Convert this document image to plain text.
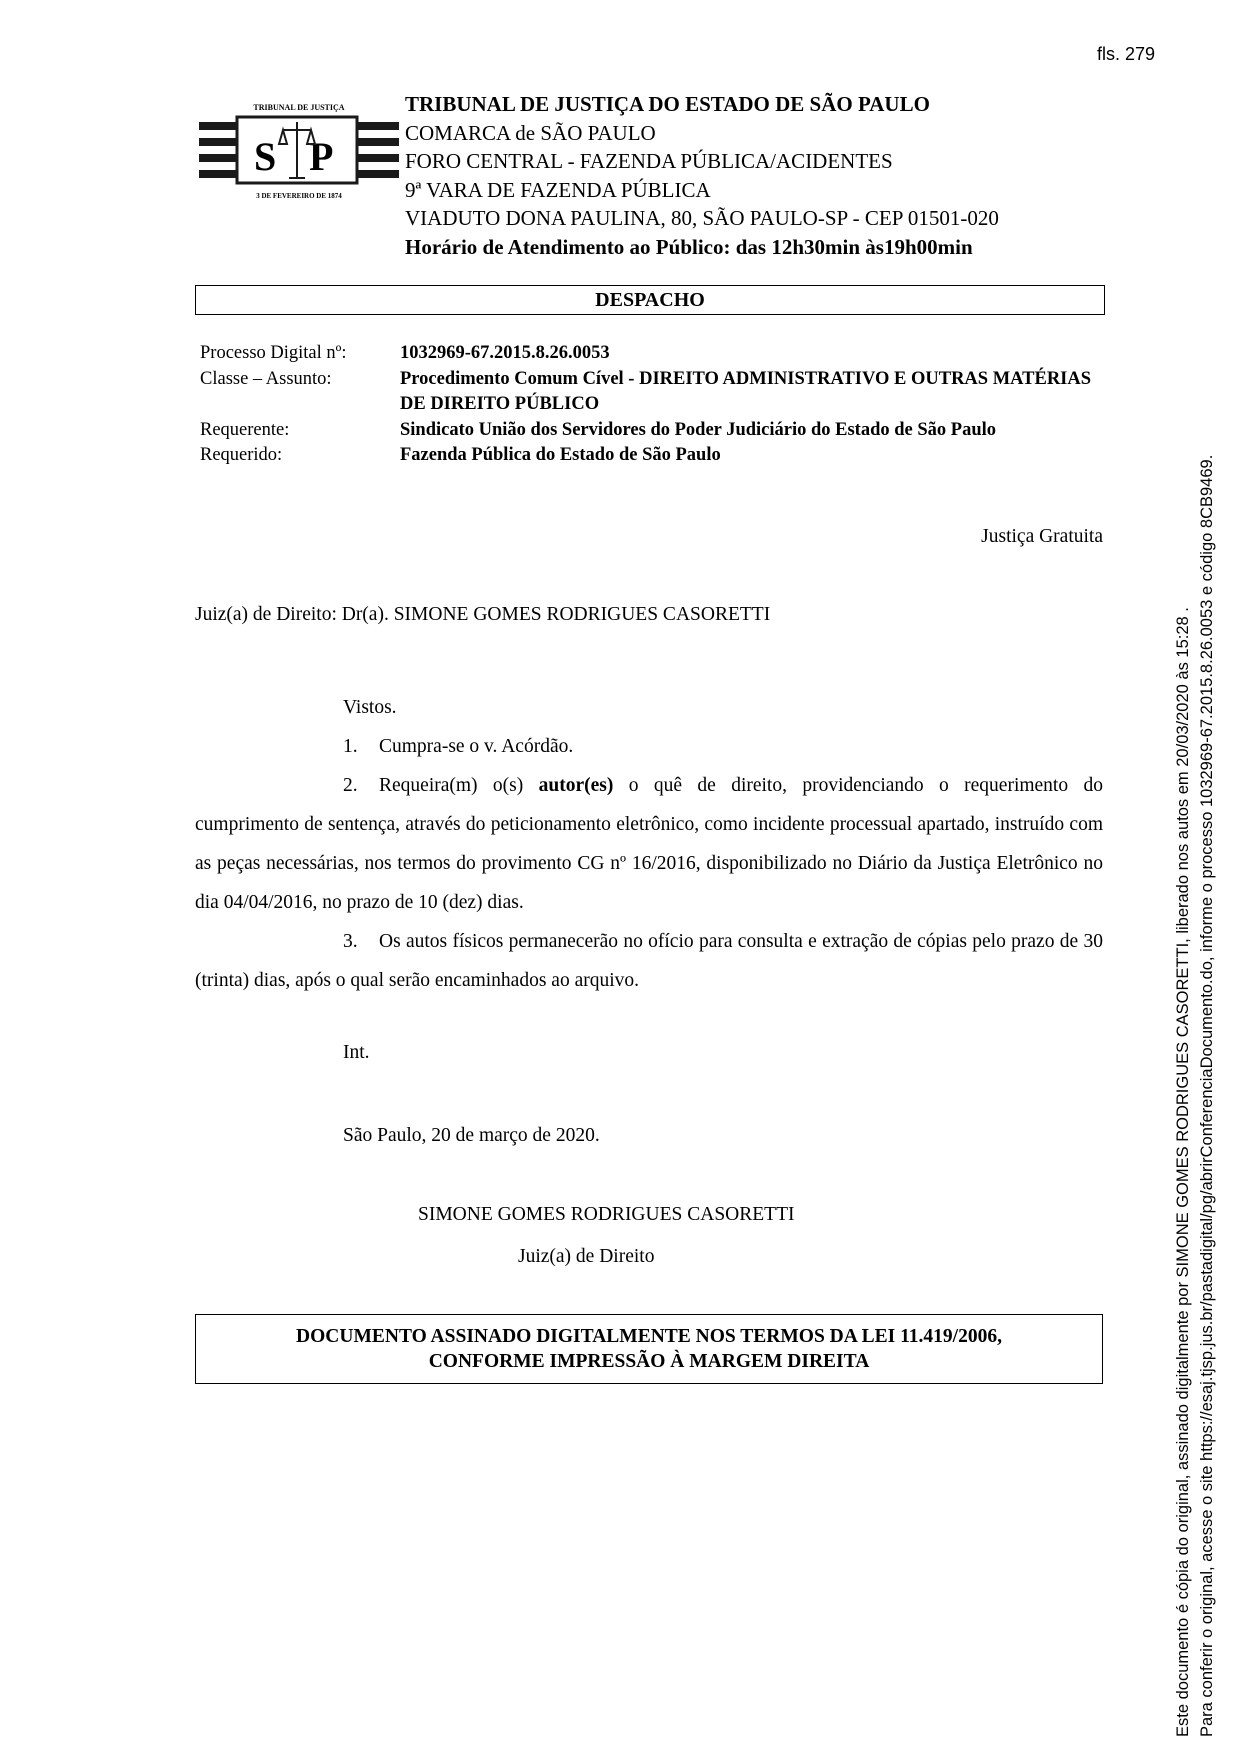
fls. 279
TRIBUNAL DE JUSTIÇA
S P
3 DE FEVEREIRO DE 1874
TRIBUNAL DE JUSTIÇA DO ESTADO DE SÃO PAULO
COMARCA de SÃO PAULO
FORO CENTRAL - FAZENDA PÚBLICA/ACIDENTES
9ª VARA DE FAZENDA PÚBLICA
VIADUTO DONA PAULINA, 80, SÃO PAULO-SP - CEP 01501-020
Horário de Atendimento ao Público: das 12h30min às19h00min
DESPACHO
Processo Digital nº:	1032969-67.2015.8.26.0053
Classe – Assunto:	Procedimento Comum Cível - DIREITO ADMINISTRATIVO E OUTRAS MATÉRIAS DE DIREITO PÚBLICO
Requerente:	Sindicato União dos Servidores do Poder Judiciário do Estado de São Paulo
Requerido:	Fazenda Pública do Estado de São Paulo
Justiça Gratuita
Juiz(a) de Direito: Dr(a). SIMONE GOMES RODRIGUES CASORETTI

Vistos.

1. Cumpra-se o v. Acórdão.

2. Requeira(m) o(s) autor(es) o quê de direito, providenciando o requerimento do cumprimento de sentença, através do peticionamento eletrônico, como incidente processual apartado, instruído com as peças necessárias, nos termos do provimento CG nº 16/2016, disponibilizado no Diário da Justiça Eletrônico no dia 04/04/2016, no prazo de 10 (dez) dias.

3. Os autos físicos permanecerão no ofício para consulta e extração de cópias pelo prazo de 30 (trinta) dias, após o qual serão encaminhados ao arquivo.

Int.
São Paulo, 20 de março de 2020.
SIMONE GOMES RODRIGUES CASORETTI
Juiz(a) de Direito
DOCUMENTO ASSINADO DIGITALMENTE NOS TERMOS DA LEI 11.419/2006,
CONFORME IMPRESSÃO À MARGEM DIREITA	Este documento é cópia do original, assinado digitalmente por SIMONE GOMES RODRIGUES CASORETTI, liberado nos autos em 20/03/2020 às 15:28 . Para conferir o original, acesse o site https://esaj.tjsp.jus.br/pastadigital/pg/abrirConferenciaDocumento.do, informe o processo 1032969-67.2015.8.26.0053 e código 8CB9469.
